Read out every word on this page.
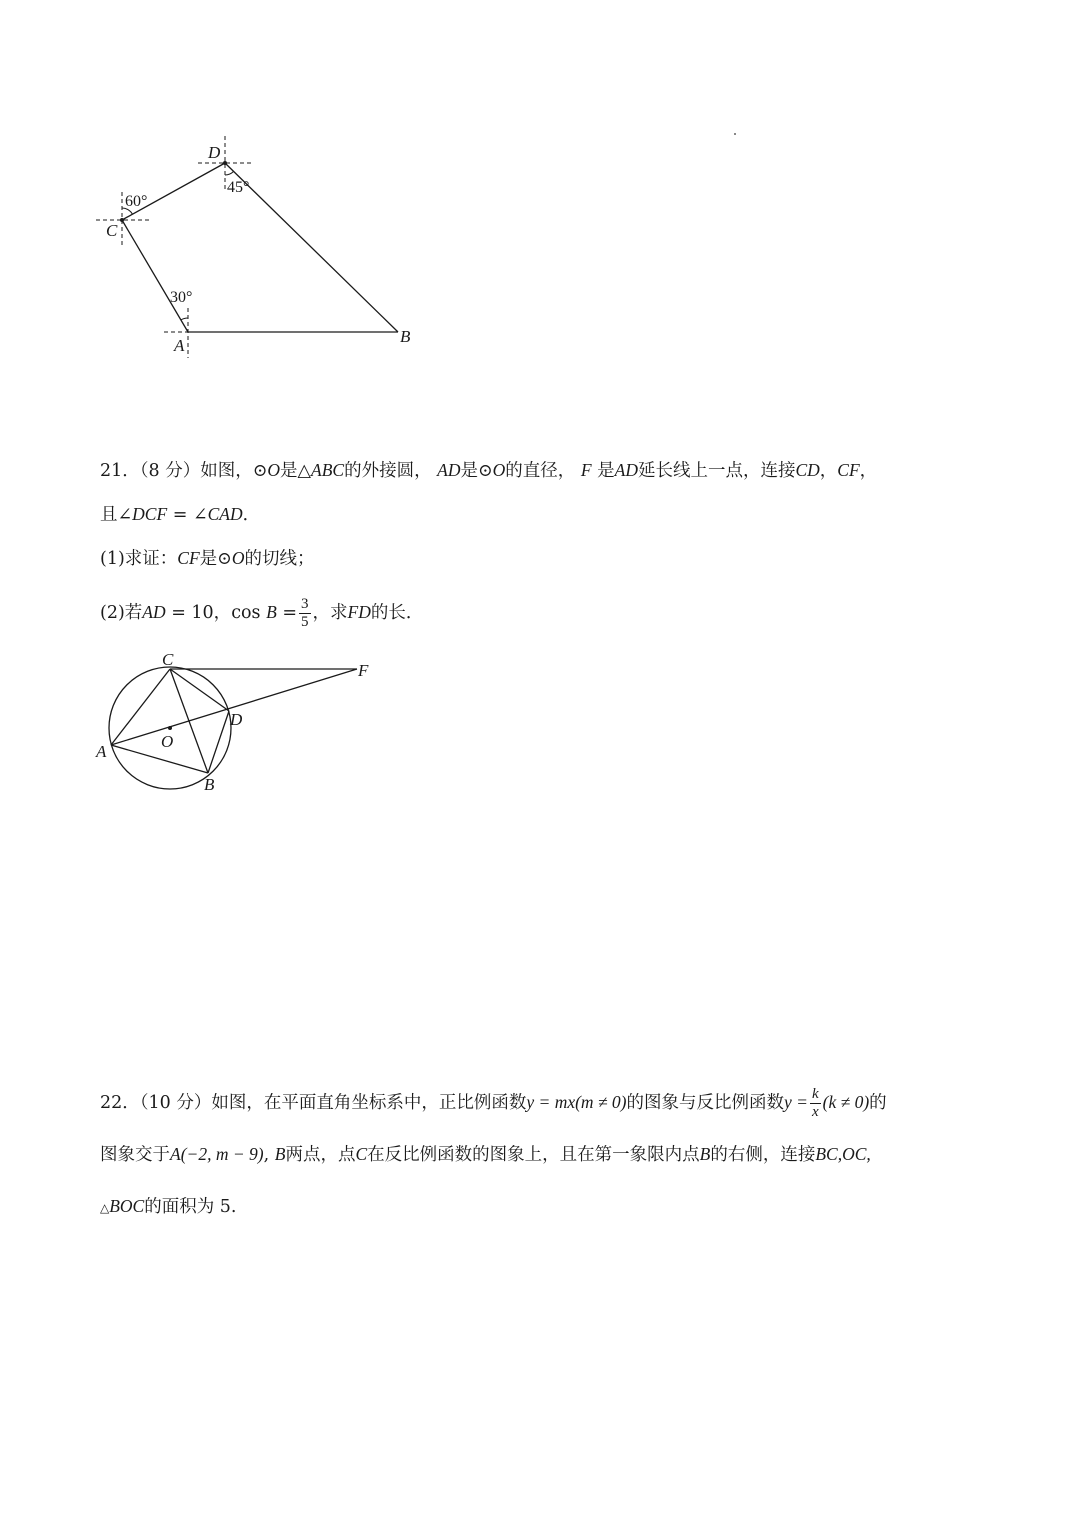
D
C
A	B
60°
45°
30°
21．（8 分）如图，⊙O是△ABC的外接圆， AD是⊙O的直径， F 是AD延长线上一点，连接CD，CF，
且∠DCF = ∠CAD．
(1)求证：CF是⊙O的切线；
(2)若AD = 10，$\cos B = \frac{3}{5}$ ，求FD的长．
C
F
D
O
A
B
22．（10 分）如图，在平面直角坐标系中，正比例函数y = mx(m ≠ 0)的图象与反比例函数$y = \frac{k}{x} (k \ne 0)$的
图象交于A(−2, m − 9), B两点，点C在反比例函数的图象上，且在第一象限内点B的右侧，连接BC,OC,
△BOC的面积为 5.
